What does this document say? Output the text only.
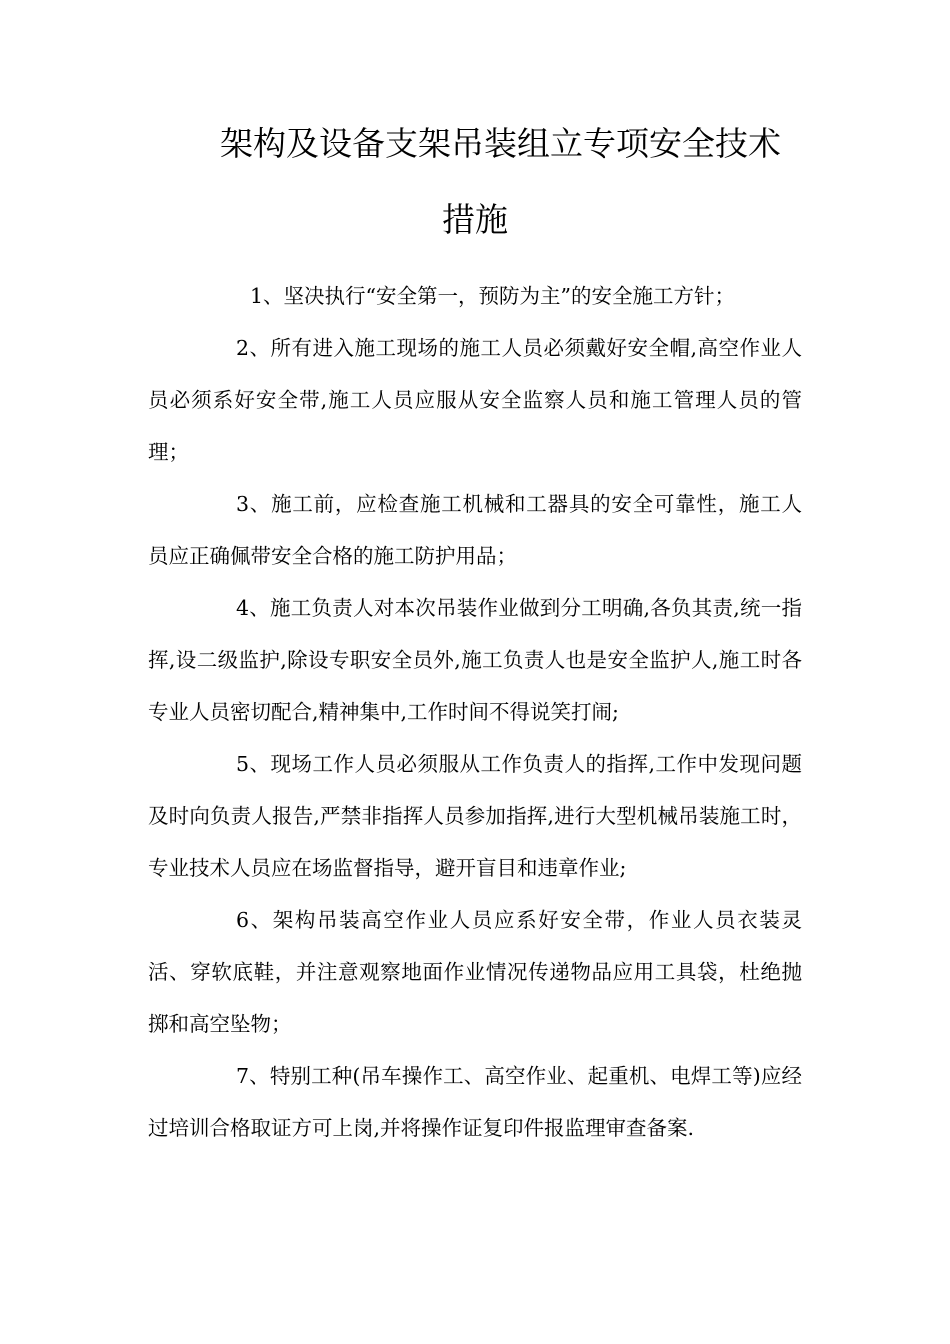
架构及设备支架吊装组立专项安全技术
措施

1、坚决执行“安全第一，预防为主”的安全施工方针；

2、所有进入施工现场的施工人员必须戴好安全帽,高空作业人员必须系好安全带,施工人员应服从安全监察人员和施工管理人员的管理；

3、施工前，应检查施工机械和工器具的安全可靠性，施工人员应正确佩带安全合格的施工防护用品；

4、施工负责人对本次吊装作业做到分工明确,各负其责,统一指挥,设二级监护,除设专职安全员外,施工负责人也是安全监护人,施工时各专业人员密切配合,精神集中,工作时间不得说笑打闹;

5、现场工作人员必须服从工作负责人的指挥,工作中发现问题及时向负责人报告,严禁非指挥人员参加指挥,进行大型机械吊装施工时，专业技术人员应在场监督指导，避开盲目和违章作业;

6、架构吊装高空作业人员应系好安全带，作业人员衣装灵活、穿软底鞋，并注意观察地面作业情况传递物品应用工具袋，杜绝抛掷和高空坠物；

7、特别工种(吊车操作工、高空作业、起重机、电焊工等)应经过培训合格取证方可上岗,并将操作证复印件报监理审查备案.
